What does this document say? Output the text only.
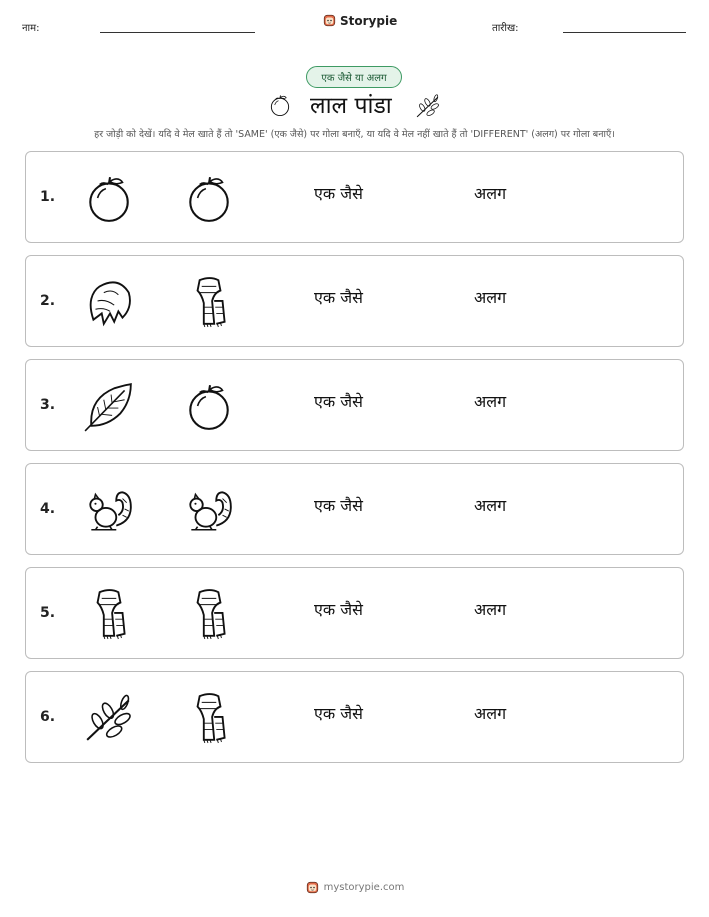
नाम:
Storypie
तारीख:
एक जैसे या अलग
लाल पांडा
हर जोड़ी को देखें। यदि वे मेल खाते हैं तो 'SAME' (एक जैसे) पर गोला बनाएँ, या यदि वे मेल नहीं खाते हैं तो 'DIFFERENT' (अलग) पर गोला बनाएँ।
1.	एक जैसे	अलग
2.	एक जैसे	अलग
3.	एक जैसे	अलग
4.	एक जैसे	अलग
5.	एक जैसे	अलग
6.	एक जैसे	अलग
mystorypie.com
